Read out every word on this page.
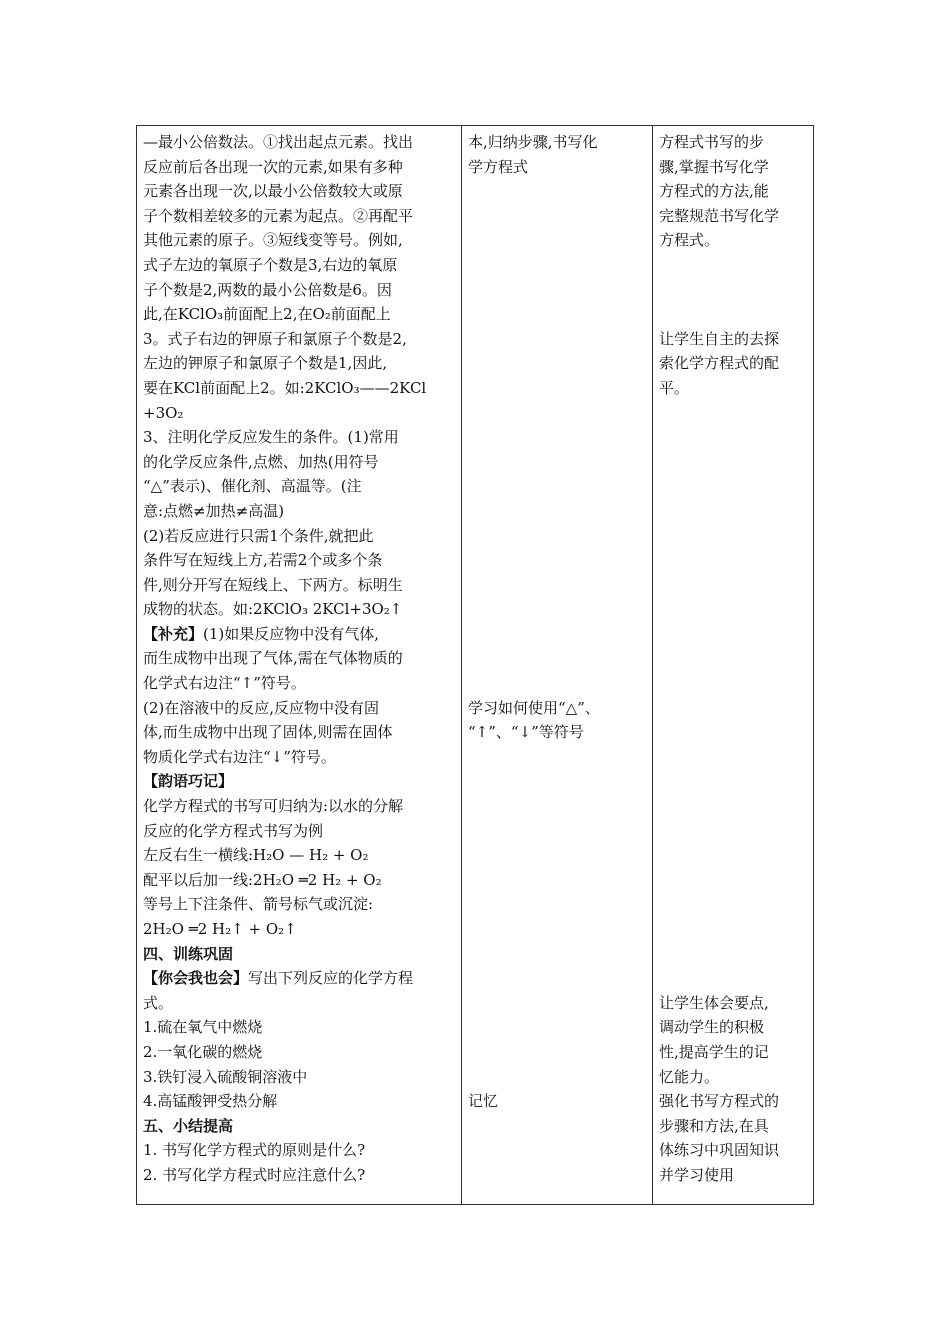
—最小公倍数法。①找出起点元素。找出
反应前后各出现一次的元素,如果有多种
元素各出现一次,以最小公倍数较大或原
子个数相差较多的元素为起点。②再配平
其他元素的原子。③短线变等号。例如,
式子左边的氧原子个数是3,右边的氧原
子个数是2,两数的最小公倍数是6。因
此,在KClO₃前面配上2,在O₂前面配上
3。式子右边的钾原子和氯原子个数是2,
左边的钾原子和氯原子个数是1,因此,
要在KCl前面配上2。如:2KClO₃——2KCl
+3O₂
3、注明化学反应发生的条件。(1)常用
的化学反应条件,点燃、加热(用符号
“△”表示)、催化剂、高温等。(注
意:点燃≠加热≠高温)
(2)若反应进行只需1个条件,就把此
条件写在短线上方,若需2个或多个条
件,则分开写在短线上、下两方。标明生
成物的状态。如:2KClO₃ 2KCl+3O₂↑
【补充】(1)如果反应物中没有气体,
而生成物中出现了气体,需在气体物质的
化学式右边注“↑”符号。
(2)在溶液中的反应,反应物中没有固
体,而生成物中出现了固体,则需在固体
物质化学式右边注“↓”符号。
【韵语巧记】
化学方程式的书写可归纳为:以水的分解
反应的化学方程式书写为例
左反右生一横线:H₂O — H₂ + O₂
配平以后加一线:2H₂O ═2 H₂ + O₂
等号上下注条件、箭号标气或沉淀:
2H₂O ═2 H₂↑ + O₂↑
四、训练巩固
【你会我也会】写出下列反应的化学方程
式。
1.硫在氧气中燃烧
2.一氧化碳的燃烧
3.铁钉浸入硫酸铜溶液中
4.高锰酸钾受热分解
五、小结提高
1. 书写化学方程式的原则是什么?
2. 书写化学方程式时应注意什么?

本,归纳步骤,书写化
学方程式
学习如何使用“△”、
“↑”、“↓”等符号
记忆

方程式书写的步
骤,掌握书写化学
方程式的方法,能
完整规范书写化学
方程式。
让学生自主的去探
索化学方程式的配
平。
让学生体会要点,
调动学生的积极
性,提高学生的记
忆能力。
强化书写方程式的
步骤和方法,在具
体练习中巩固知识
并学习使用
